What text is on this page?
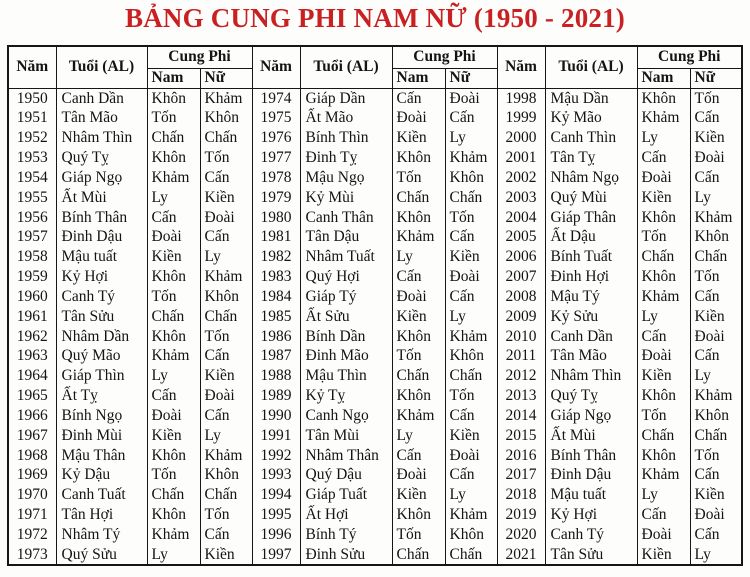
BẢNG CUNG PHI NAM NỮ (1950 - 2021)
Năm	Tuổi (AL)	Cung Phi		Năm	Tuổi (AL)	Cung Phi		Năm	Tuổi (AL)	Cung Phi	
		Nam	Nữ			Nam	Nữ			Nam	Nữ
1950	Canh Dần	Khôn	Khảm	1974	Giáp Dần	Cấn	Đoài	1998	Mậu Dần	Khôn	Tốn
1951	Tân Mão	Tốn	Khôn	1975	Ất Mão	Đoài	Cấn	1999	Kỷ Mão	Khảm	Cấn
1952	Nhâm Thìn	Chấn	Chấn	1976	Bính Thìn	Kiền	Ly	2000	Canh Thìn	Ly	Kiền
1953	Quý Tỵ	Khôn	Tốn	1977	Đinh Tỵ	Khôn	Khảm	2001	Tân Tỵ	Cấn	Đoài
1954	Giáp Ngọ	Khảm	Cấn	1978	Mậu Ngọ	Tốn	Khôn	2002	Nhâm Ngọ	Đoài	Cấn
1955	Ất Mùi	Ly	Kiền	1979	Kỷ Mùi	Chấn	Chấn	2003	Quý Mùi	Kiền	Ly
1956	Bính Thân	Cấn	Đoài	1980	Canh Thân	Khôn	Tốn	2004	Giáp Thân	Khôn	Khảm
1957	Đinh Dậu	Đoài	Cấn	1981	Tân Dậu	Khảm	Cấn	2005	Ất Dậu	Tốn	Khôn
1958	Mậu tuất	Kiền	Ly	1982	Nhâm Tuất	Ly	Kiền	2006	Bính Tuất	Chấn	Chấn
1959	Kỷ Hợi	Khôn	Khảm	1983	Quý Hợi	Cấn	Đoài	2007	Đinh Hợi	Khôn	Tốn
1960	Canh Tý	Tốn	Khôn	1984	Giáp Tý	Đoài	Cấn	2008	Mậu Tý	Khảm	Cấn
1961	Tân Sửu	Chấn	Chấn	1985	Ất Sửu	Kiền	Ly	2009	Kỷ Sửu	Ly	Kiền
1962	Nhâm Dần	Khôn	Tốn	1986	Bính Dần	Khôn	Khảm	2010	Canh Dần	Cấn	Đoài
1963	Quý Mão	Khảm	Cấn	1987	Đinh Mão	Tốn	Khôn	2011	Tân Mão	Đoài	Cấn
1964	Giáp Thìn	Ly	Kiền	1988	Mậu Thìn	Chấn	Chấn	2012	Nhâm Thìn	Kiền	Ly
1965	Ất Tỵ	Cấn	Đoài	1989	Kỷ Tỵ	Khôn	Tốn	2013	Quý Tỵ	Khôn	Khảm
1966	Bính Ngọ	Đoài	Cấn	1990	Canh Ngọ	Khảm	Cấn	2014	Giáp Ngọ	Tốn	Khôn
1967	Đinh Mùi	Kiền	Ly	1991	Tân Mùi	Ly	Kiền	2015	Ất Mùi	Chấn	Chấn
1968	Mậu Thân	Khôn	Khảm	1992	Nhâm Thân	Cấn	Đoài	2016	Bính Thân	Khôn	Tốn
1969	Kỷ Dậu	Tốn	Khôn	1993	Quý Dậu	Đoài	Cấn	2017	Đinh Dậu	Khảm	Cấn
1970	Canh Tuất	Chấn	Chấn	1994	Giáp Tuất	Kiền	Ly	2018	Mậu tuất	Ly	Kiền
1971	Tân Hợi	Khôn	Tốn	1995	Ất Hợi	Khôn	Khảm	2019	Kỷ Hợi	Cấn	Đoài
1972	Nhâm Tý	Khảm	Cấn	1996	Bính Tý	Tốn	Khôn	2020	Canh Tý	Đoài	Cấn
1973	Quý Sửu	Ly	Kiền	1997	Đinh Sửu	Chấn	Chấn	2021	Tân Sửu	Kiền	Ly
